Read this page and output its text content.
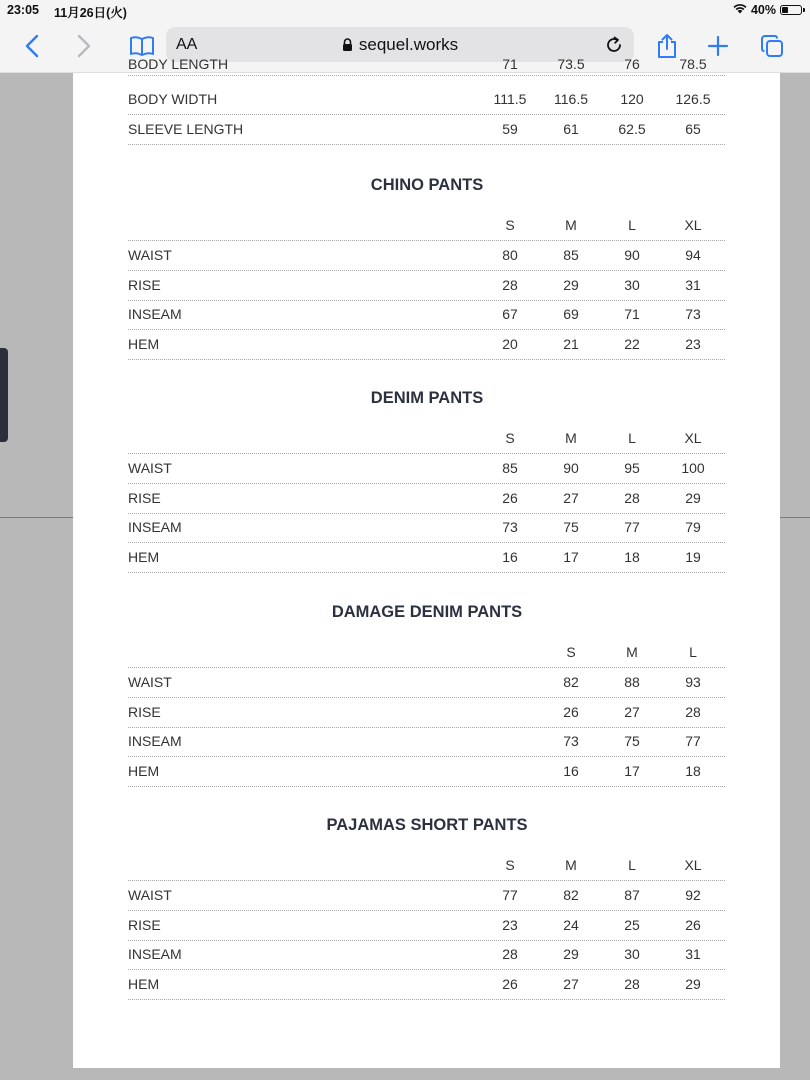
23:05 11月26日(火)	40%
AA	sequel.works
BODY LENGTH	71	73.5	76	78.5
BODY WIDTH	111.5 116.5 120 126.5
SLEEVE LENGTH	59	61	62.5	65
CHINO PANTS
S	M	L	XL
WAIST	80	85	90	94
RISE	28	29	30	31
INSEAM	67	69	71	73
HEM	20	21	22	23
DENIM PANTS
S	M	L	XL
WAIST	85	90	95	100
RISE	26	27	28	29
INSEAM	73	75	77	79
HEM	16	17	18	19
DAMAGE DENIM PANTS
S	M	L
WAIST	82	88	93
RISE	26	27	28
INSEAM	73	75	77
HEM	16	17	18
PAJAMAS SHORT PANTS
S	M	L	XL
WAIST	77	82	87	92
RISE	23	24	25	26
INSEAM	28	29	30	31
HEM	26	27	28	29
